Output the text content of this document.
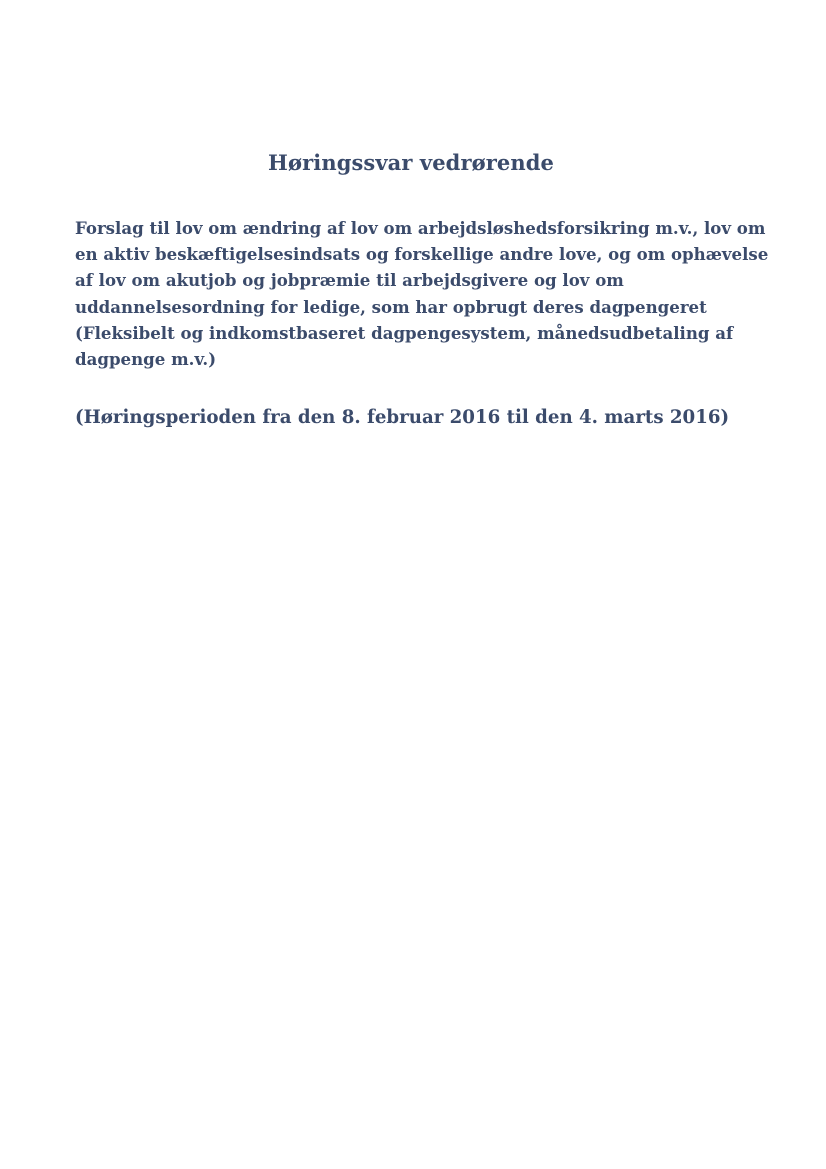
Høringssvar vedrørende

Forslag til lov om ændring af lov om arbejdsløshedsforsikring m.v., lov om
en aktiv beskæftigelsesindsats og forskellige andre love, og om ophævelse
af lov om akutjob og jobpræmie til arbejdsgivere og lov om
uddannelsesordning for ledige, som har opbrugt deres dagpengeret
(Fleksibelt og indkomstbaseret dagpengesystem, månedsudbetaling af
dagpenge m.v.)

(Høringsperioden fra den 8. februar 2016 til den 4. marts 2016)
